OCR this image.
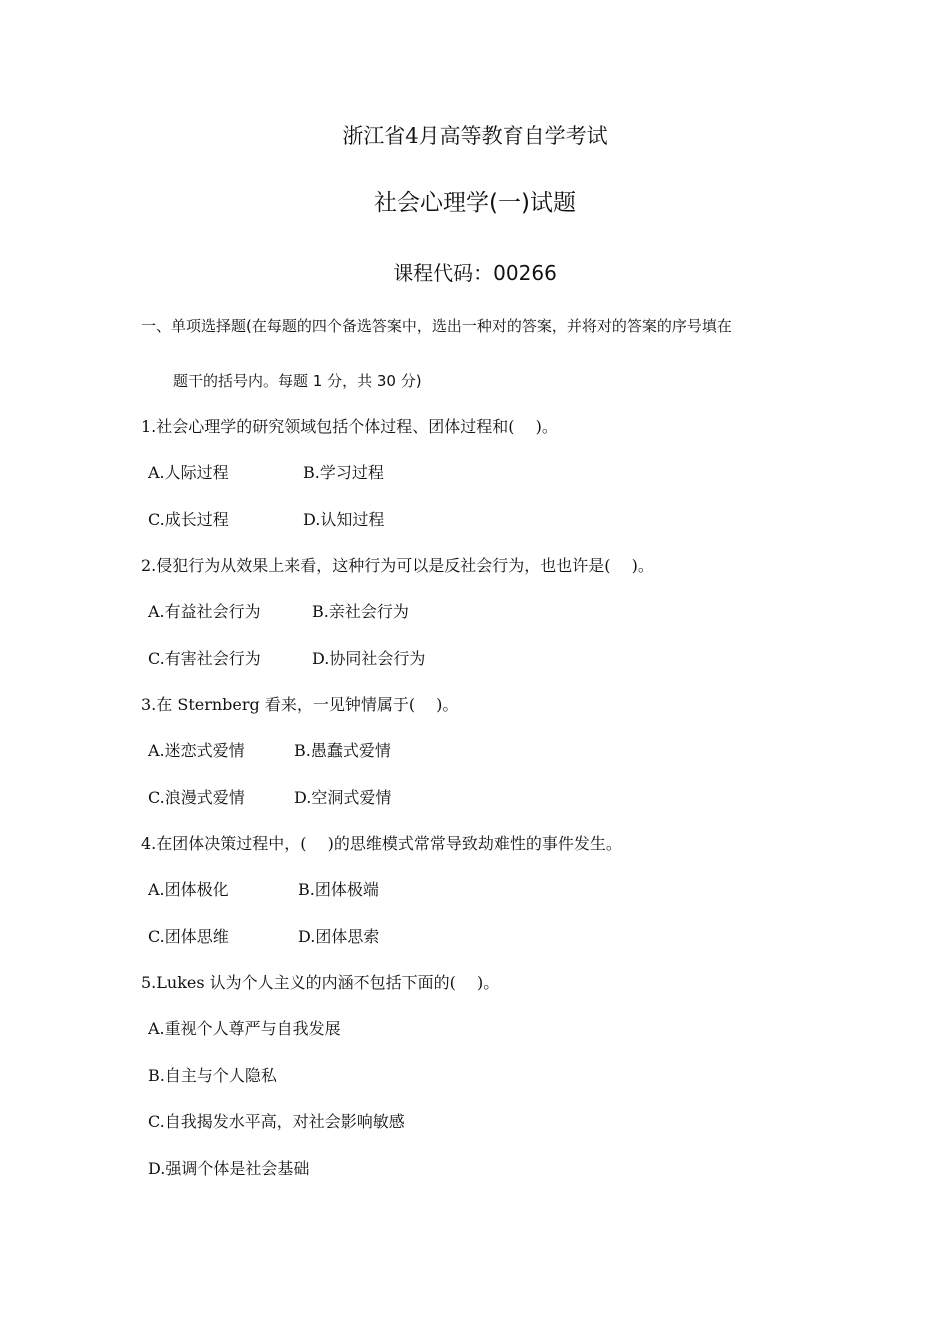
浙江省4月高等教育自学考试
社会心理学(一)试题
课程代码：00266
一、单项选择题(在每题的四个备选答案中，选出一种对的答案，并将对的答案的序号填在
题干的括号内。每题 1 分，共 30 分)
1.社会心理学的研究领域包括个体过程、团体过程和(　 )。
A.人际过程	B.学习过程
C.成长过程	D.认知过程
2.侵犯行为从效果上来看，这种行为可以是反社会行为，也也许是(　 )。
A.有益社会行为	B.亲社会行为
C.有害社会行为	D.协同社会行为
3.在 Sternberg 看来，一见钟情属于(　 )。
A.迷恋式爱情	B.愚蠢式爱情
C.浪漫式爱情	D.空洞式爱情
4.在团体决策过程中，(　 )的思维模式常常导致劫难性的事件发生。
A.团体极化	B.团体极端
C.团体思维	D.团体思索
5.Lukes 认为个人主义的内涵不包括下面的(　 )。
A.重视个人尊严与自我发展
B.自主与个人隐私
C.自我揭发水平高，对社会影响敏感
D.强调个体是社会基础
